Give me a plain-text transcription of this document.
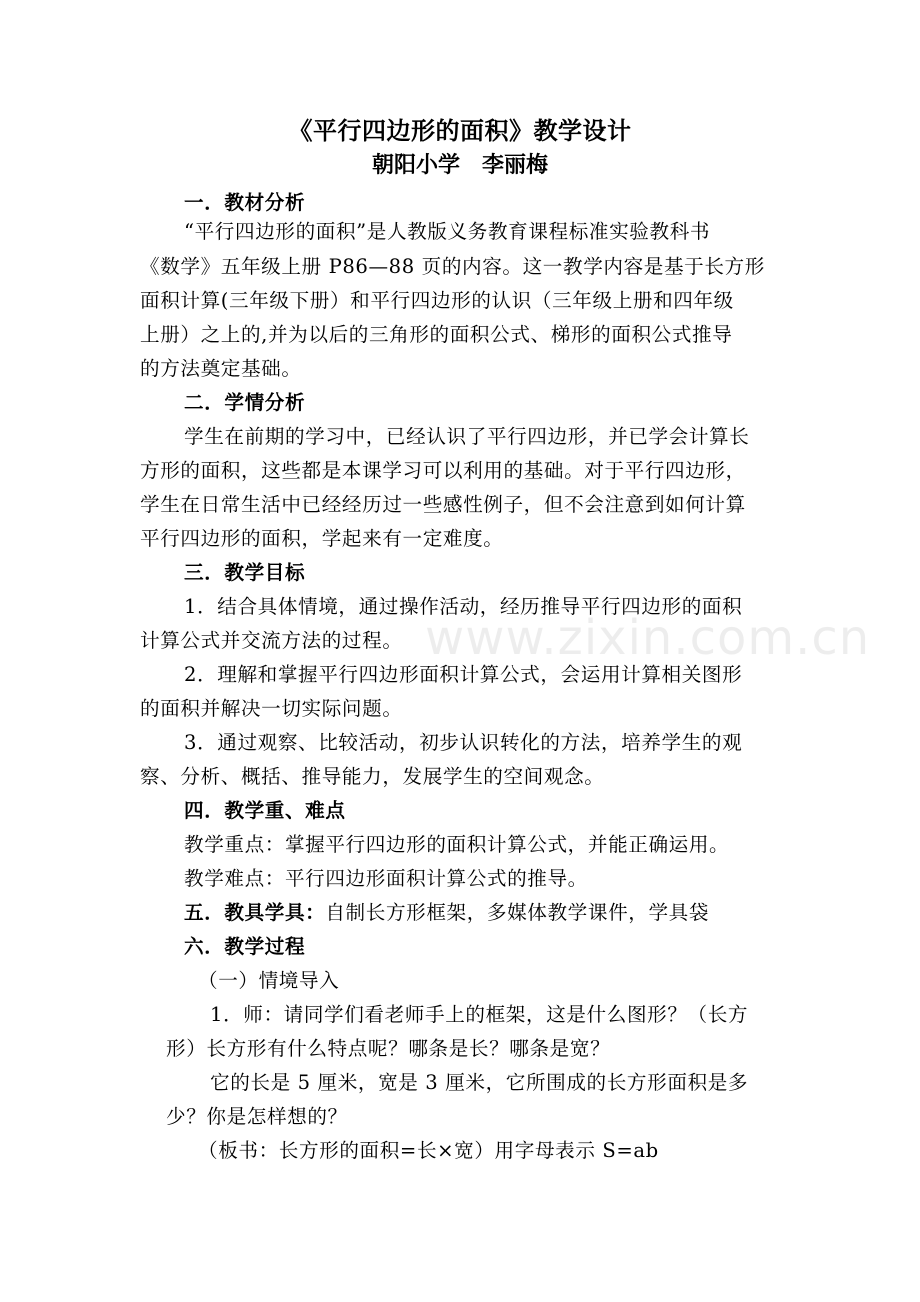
《平行四边形的面积》教学设计
朝阳小学　李丽梅
一．教材分析
“平行四边形的面积”是人教版义务教育课程标准实验教科书
《数学》五年级上册 P86—88 页的内容。这一教学内容是基于长方形
面积计算(三年级下册）和平行四边形的认识（三年级上册和四年级
上册）之上的,并为以后的三角形的面积公式、梯形的面积公式推导
的方法奠定基础。
二．学情分析
学生在前期的学习中，已经认识了平行四边形，并已学会计算长
方形的面积，这些都是本课学习可以利用的基础。对于平行四边形，
学生在日常生活中已经经历过一些感性例子，但不会注意到如何计算
平行四边形的面积，学起来有一定难度。
三．教学目标
1．结合具体情境，通过操作活动，经历推导平行四边形的面积
计算公式并交流方法的过程。
2．理解和掌握平行四边形面积计算公式，会运用计算相关图形
的面积并解决一切实际问题。
3．通过观察、比较活动，初步认识转化的方法，培养学生的观
察、分析、概括、推导能力，发展学生的空间观念。
四．教学重、难点
教学重点：掌握平行四边形的面积计算公式，并能正确运用。
教学难点：平行四边形面积计算公式的推导。
五．教具学具：自制长方形框架，多媒体教学课件，学具袋
六．教学过程
（一）情境导入
1．师：请同学们看老师手上的框架，这是什么图形？（长方
形）长方形有什么特点呢？哪条是长？哪条是宽？
它的长是 5 厘米，宽是 3 厘米，它所围成的长方形面积是多
少？你是怎样想的？
（板书：长方形的面积=长×宽）用字母表示 S=ab
www.zixin.com.cn
